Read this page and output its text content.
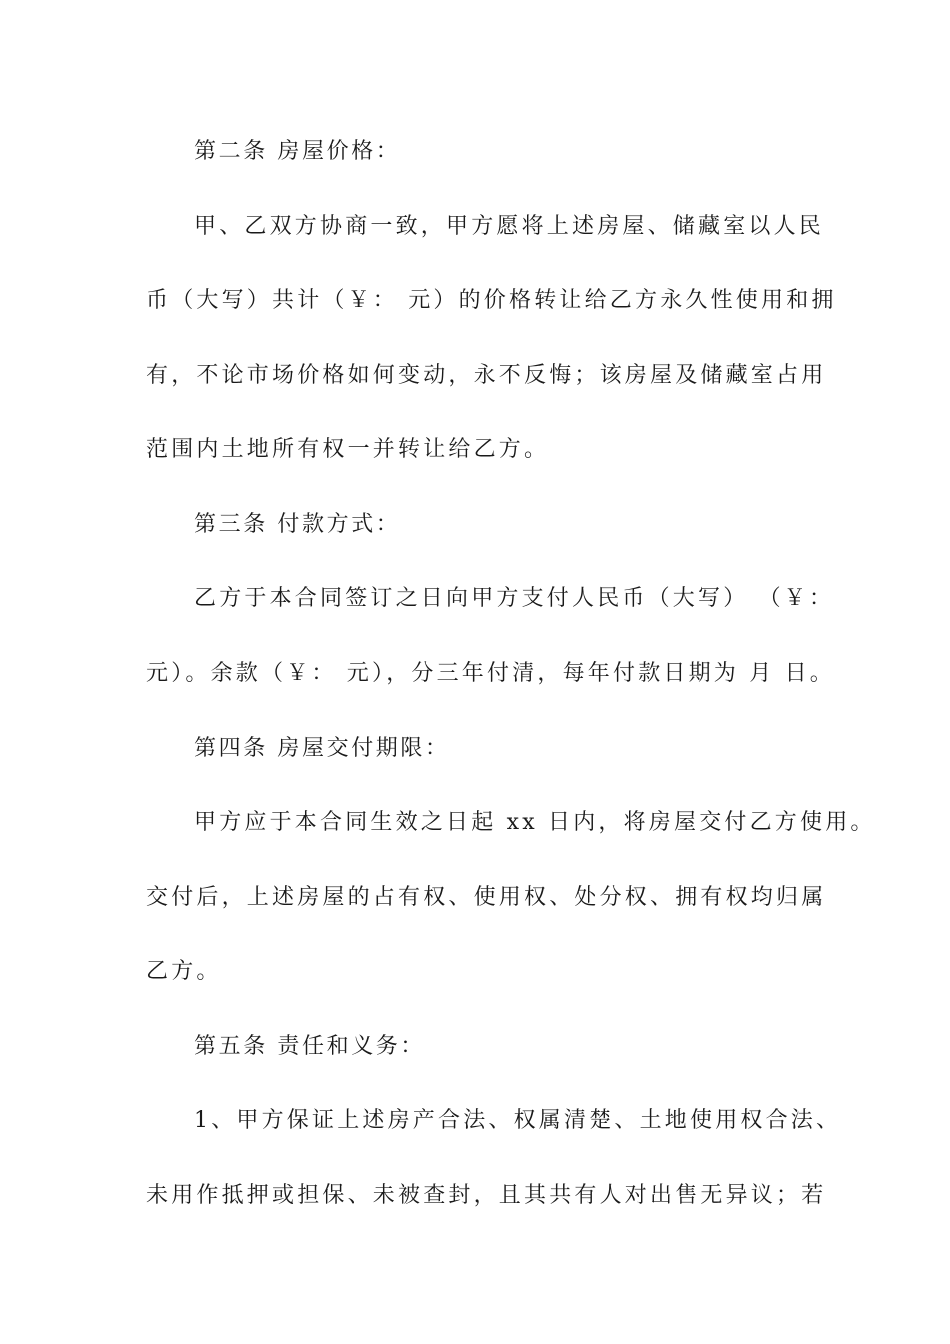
第二条 房屋价格：
甲、乙双方协商一致，甲方愿将上述房屋、储藏室以人民
币（大写）共计（￥： 元）的价格转让给乙方永久性使用和拥
有，不论市场价格如何变动，永不反悔；该房屋及储藏室占用
范围内土地所有权一并转让给乙方。
第三条 付款方式：
乙方于本合同签订之日向甲方支付人民币（大写） （￥：
元）。余款（￥： 元），分三年付清，每年付款日期为 月 日。
第四条 房屋交付期限：
甲方应于本合同生效之日起 xx 日内，将房屋交付乙方使用。
交付后，上述房屋的占有权、使用权、处分权、拥有权均归属
乙方。
第五条 责任和义务：
1、甲方保证上述房产合法、权属清楚、土地使用权合法、
未用作抵押或担保、未被查封，且其共有人对出售无异议；若
